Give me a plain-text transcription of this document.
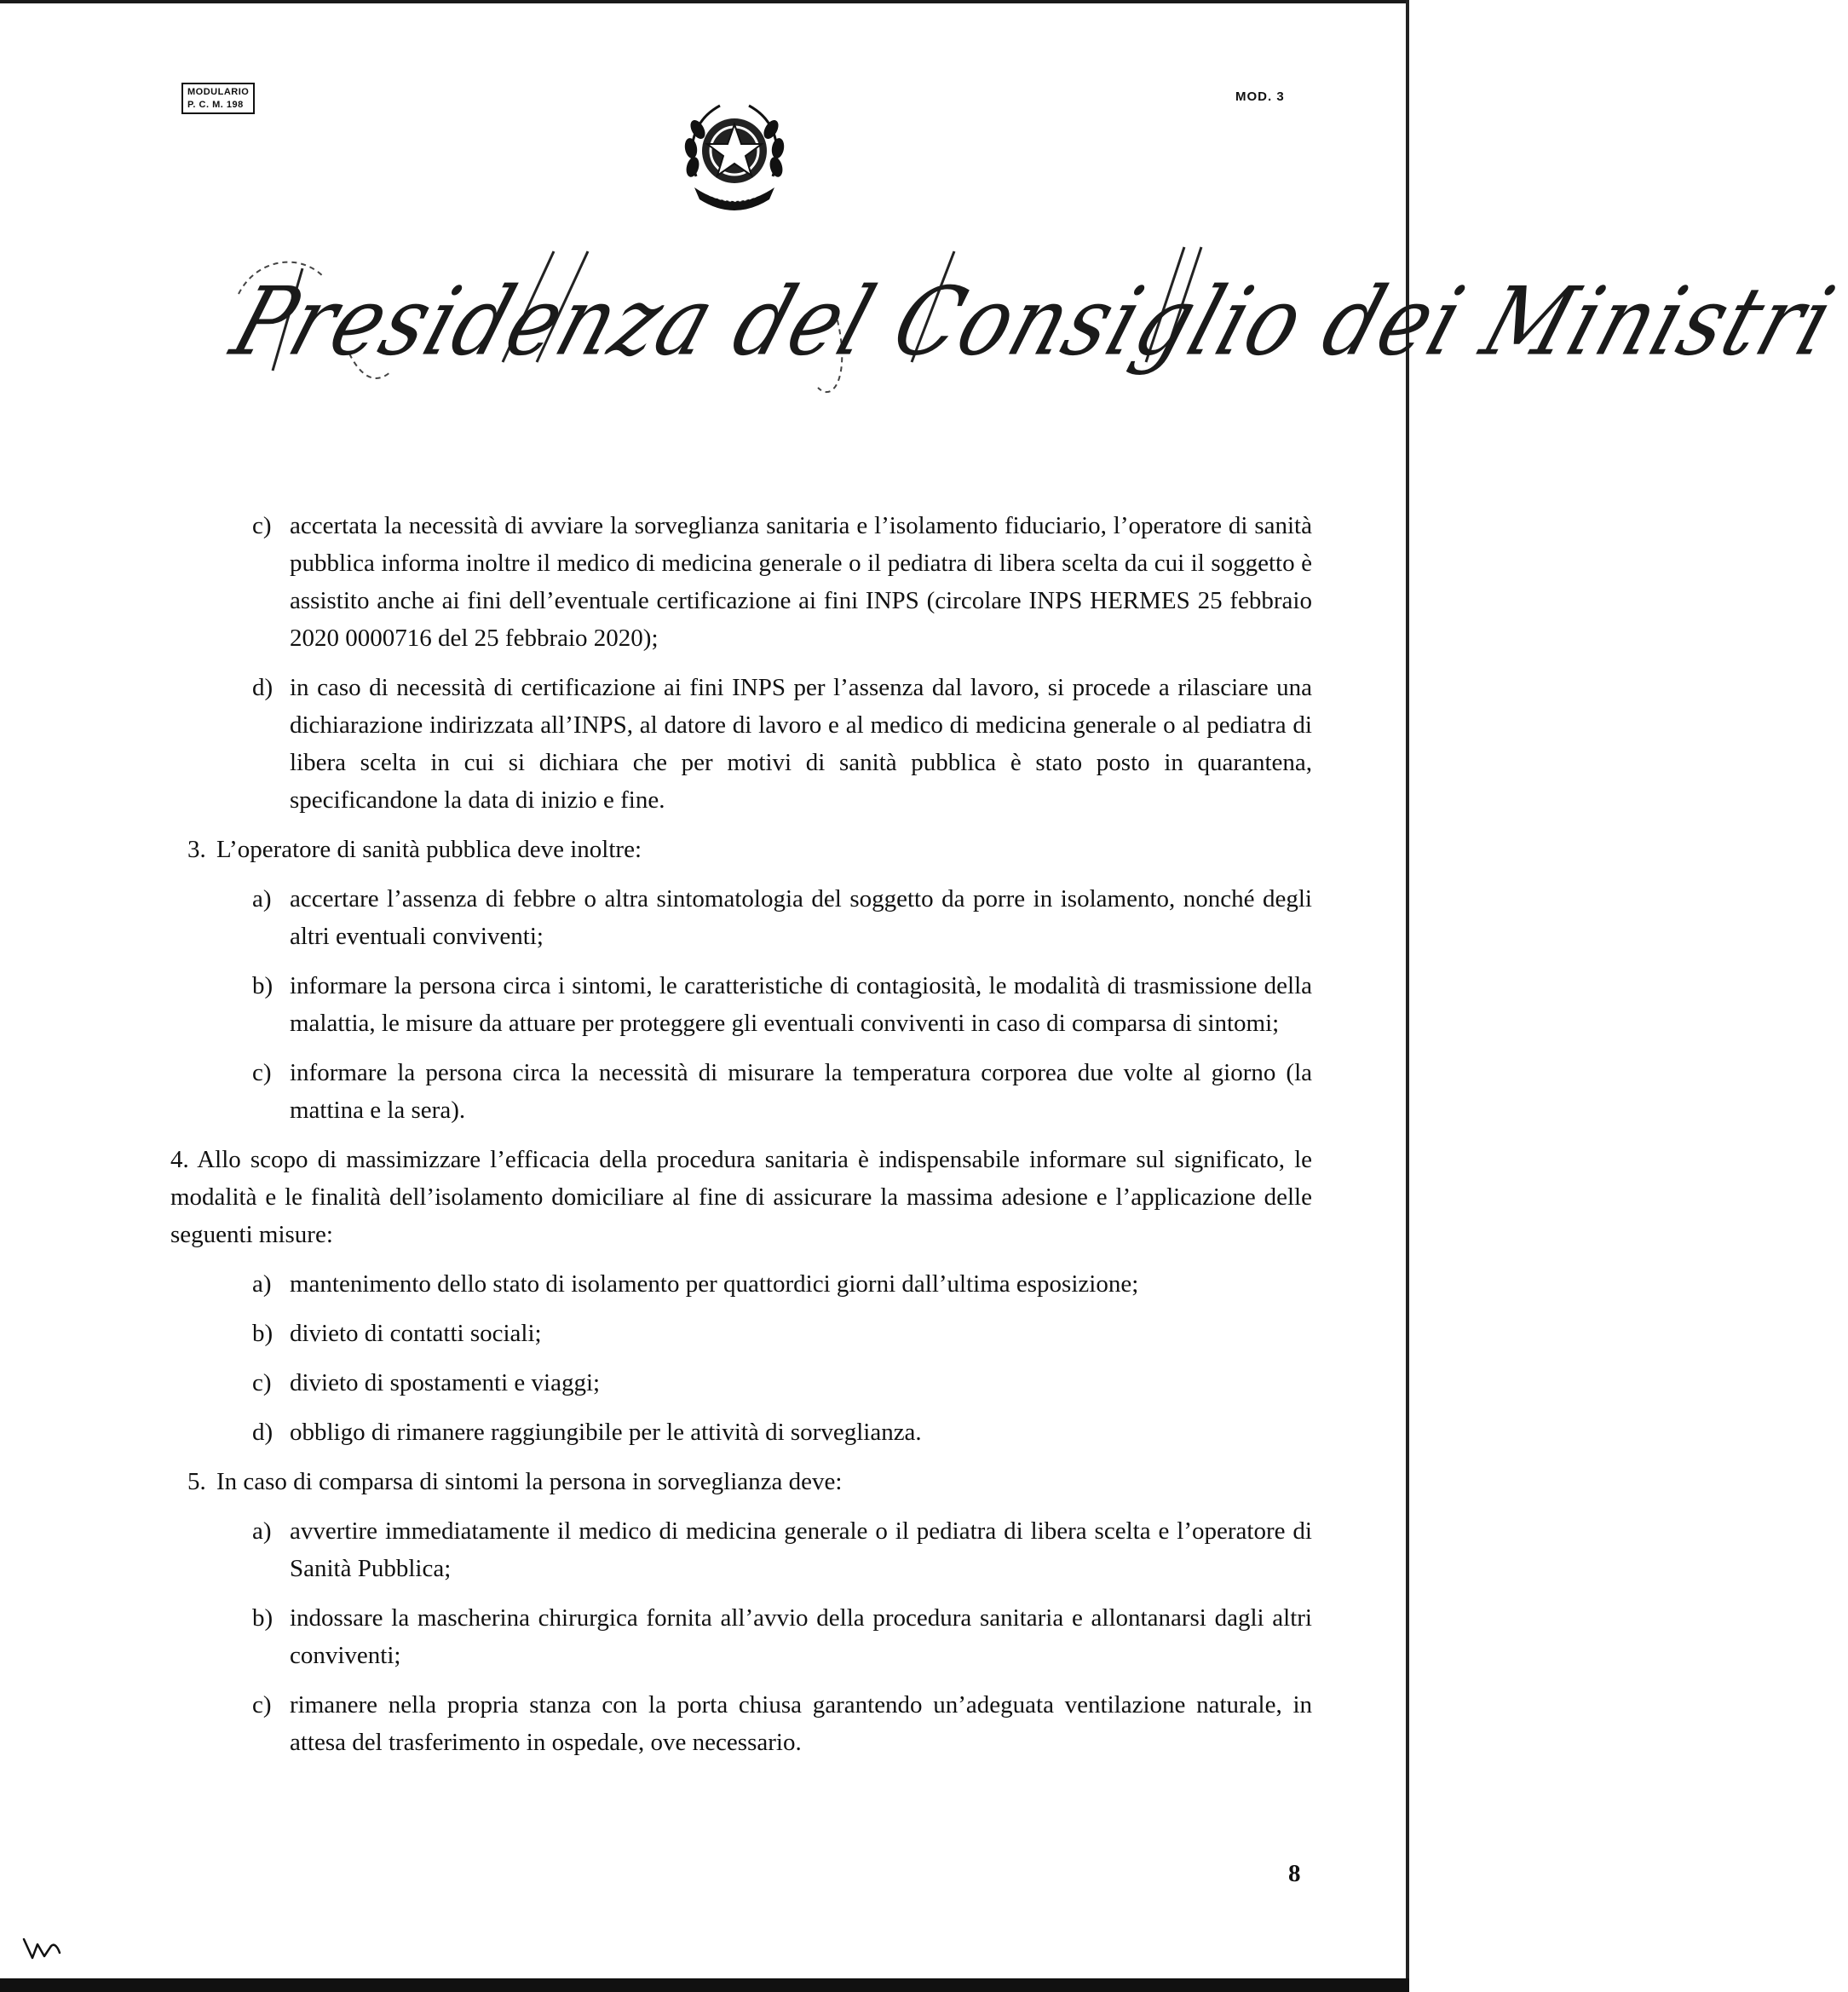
MODULARIO
P. C. M. 198
MOD. 3
Presidenza del Consiglio dei Ministri
c) accertata la necessità di avviare la sorveglianza sanitaria e l’isolamento fiduciario, l’operatore di sanità pubblica informa inoltre il medico di medicina generale o il pediatra di libera scelta da cui il soggetto è assistito anche ai fini dell’eventuale certificazione ai fini INPS (circolare INPS HERMES 25 febbraio 2020 0000716 del 25 febbraio 2020);
d) in caso di necessità di certificazione ai fini INPS per l’assenza dal lavoro, si procede a rilasciare una dichiarazione indirizzata all’INPS, al datore di lavoro e al medico di medicina generale o al pediatra di libera scelta in cui si dichiara che per motivi di sanità pubblica è stato posto in quarantena, specificandone la data di inizio e fine.
3. L’operatore di sanità pubblica deve inoltre:
a) accertare l’assenza di febbre o altra sintomatologia del soggetto da porre in isolamento, nonché degli altri eventuali conviventi;
b) informare la persona circa i sintomi, le caratteristiche di contagiosità, le modalità di trasmissione della malattia, le misure da attuare per proteggere gli eventuali conviventi in caso di comparsa di sintomi;
c) informare la persona circa la necessità di misurare la temperatura corporea due volte al giorno (la mattina e la sera).
4. Allo scopo di massimizzare l’efficacia della procedura sanitaria è indispensabile informare sul significato, le modalità e le finalità dell’isolamento domiciliare al fine di assicurare la massima adesione e l’applicazione delle seguenti misure:
a) mantenimento dello stato di isolamento per quattordici giorni dall’ultima esposizione;
b) divieto di contatti sociali;
c) divieto di spostamenti e viaggi;
d) obbligo di rimanere raggiungibile per le attività di sorveglianza.
5. In caso di comparsa di sintomi la persona in sorveglianza deve:
a) avvertire immediatamente il medico di medicina generale o il pediatra di libera scelta e l’operatore di Sanità Pubblica;
b) indossare la mascherina chirurgica fornita all’avvio della procedura sanitaria e allontanarsi dagli altri conviventi;
c) rimanere nella propria stanza con la porta chiusa garantendo un’adeguata ventilazione naturale, in attesa del trasferimento in ospedale, ove necessario.
8
